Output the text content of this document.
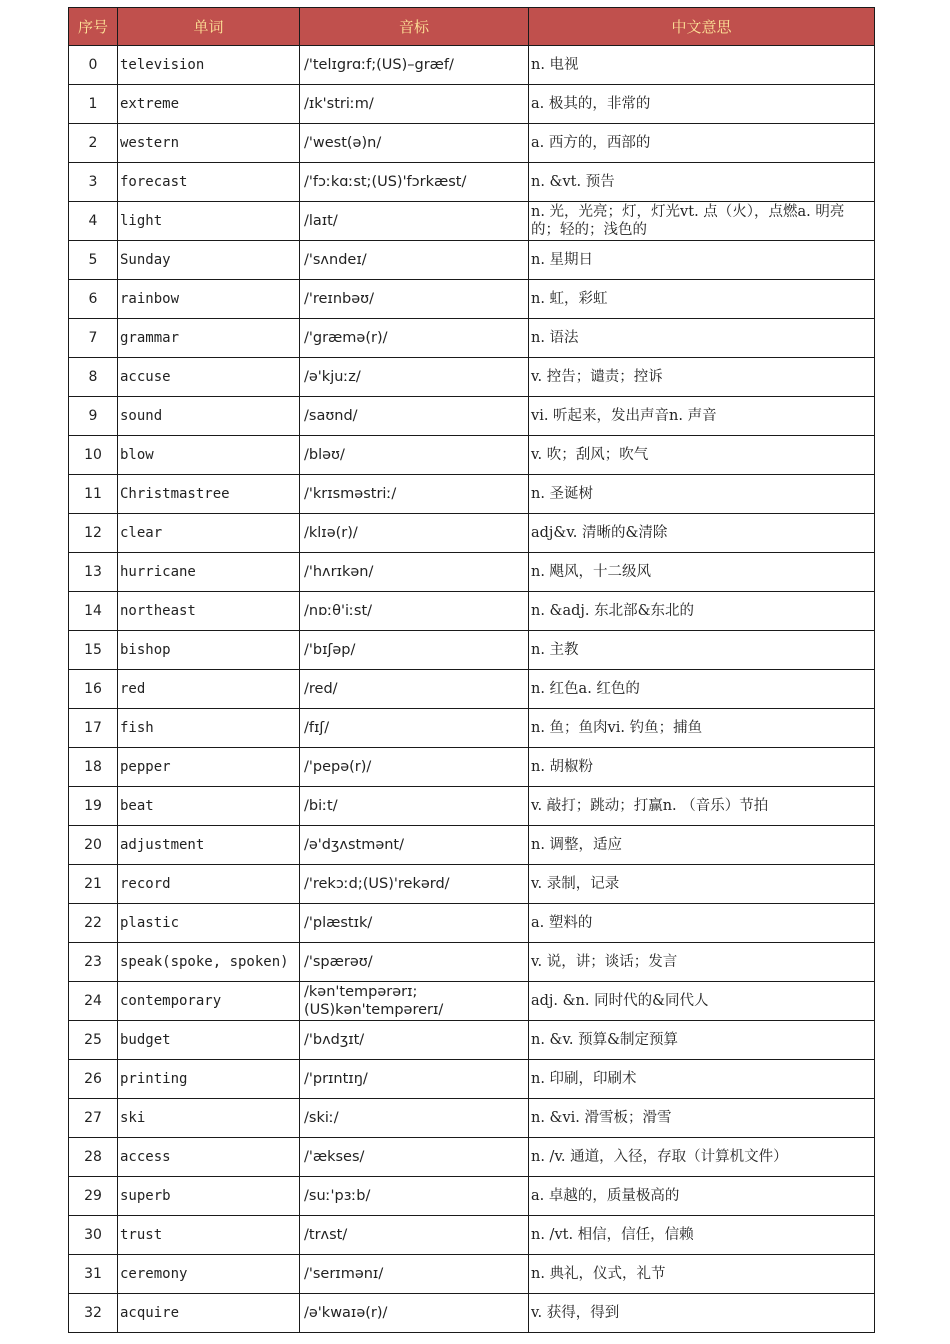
序号	单词	音标	中文意思
0	television	/'telɪgrɑːf;(US)–græf/	n. 电视
1	extreme	/ɪk'striːm/	a. 极其的，非常的
2	western	/'west(ə)n/	a. 西方的，西部的
3	forecast	/'fɔːkɑːst;(US)'fɔrkæst/	n. &vt. 预告
4	light	/laɪt/	n. 光，光亮；灯，灯光vt. 点（火），点燃a. 明亮的；轻的；浅色的
5	Sunday	/'sʌndeɪ/	n. 星期日
6	rainbow	/'reɪnbəʊ/	n. 虹，彩虹
7	grammar	/'græmə(r)/	n. 语法
8	accuse	/ə'kjuːz/	v. 控告；谴责；控诉
9	sound	/saʊnd/	vi. 听起来，发出声音n. 声音
10	blow	/bləʊ/	v. 吹；刮风；吹气
11	Christmastree	/'krɪsməstriː/	n. 圣诞树
12	clear	/klɪə(r)/	adj&v. 清晰的&清除
13	hurricane	/'hʌrɪkən/	n. 飓风，十二级风
14	northeast	/nɒːθ'iːst/	n. &adj. 东北部&东北的
15	bishop	/'bɪʃəp/	n. 主教
16	red	/red/	n. 红色a. 红色的
17	fish	/fɪʃ/	n. 鱼；鱼肉vi. 钓鱼；捕鱼
18	pepper	/'pepə(r)/	n. 胡椒粉
19	beat	/biːt/	v. 敲打；跳动；打赢n. （音乐）节拍
20	adjustment	/ə'dʒʌstmənt/	n. 调整，适应
21	record	/'rekɔːd;(US)'rekərd/	v. 录制，记录
22	plastic	/'plæstɪk/	a. 塑料的
23	speak(spoke, spoken)	/'spærəʊ/	v. 说，讲；谈话；发言
24	contemporary	/kən'tempərərɪ;(US)kən'tempərerɪ/	adj. &n. 同时代的&同代人
25	budget	/'bʌdʒɪt/	n. &v. 预算&制定预算
26	printing	/'prɪntɪŋ/	n. 印刷，印刷术
27	ski	/skiː/	n. &vi. 滑雪板；滑雪
28	access	/'ækses/	n. /v. 通道，入径，存取（计算机文件）
29	superb	/suː'pɜːb/	a. 卓越的，质量极高的
30	trust	/trʌst/	n. /vt. 相信，信任，信赖
31	ceremony	/'serɪmənɪ/	n. 典礼，仪式，礼节
32	acquire	/ə'kwaɪə(r)/	v. 获得，得到
